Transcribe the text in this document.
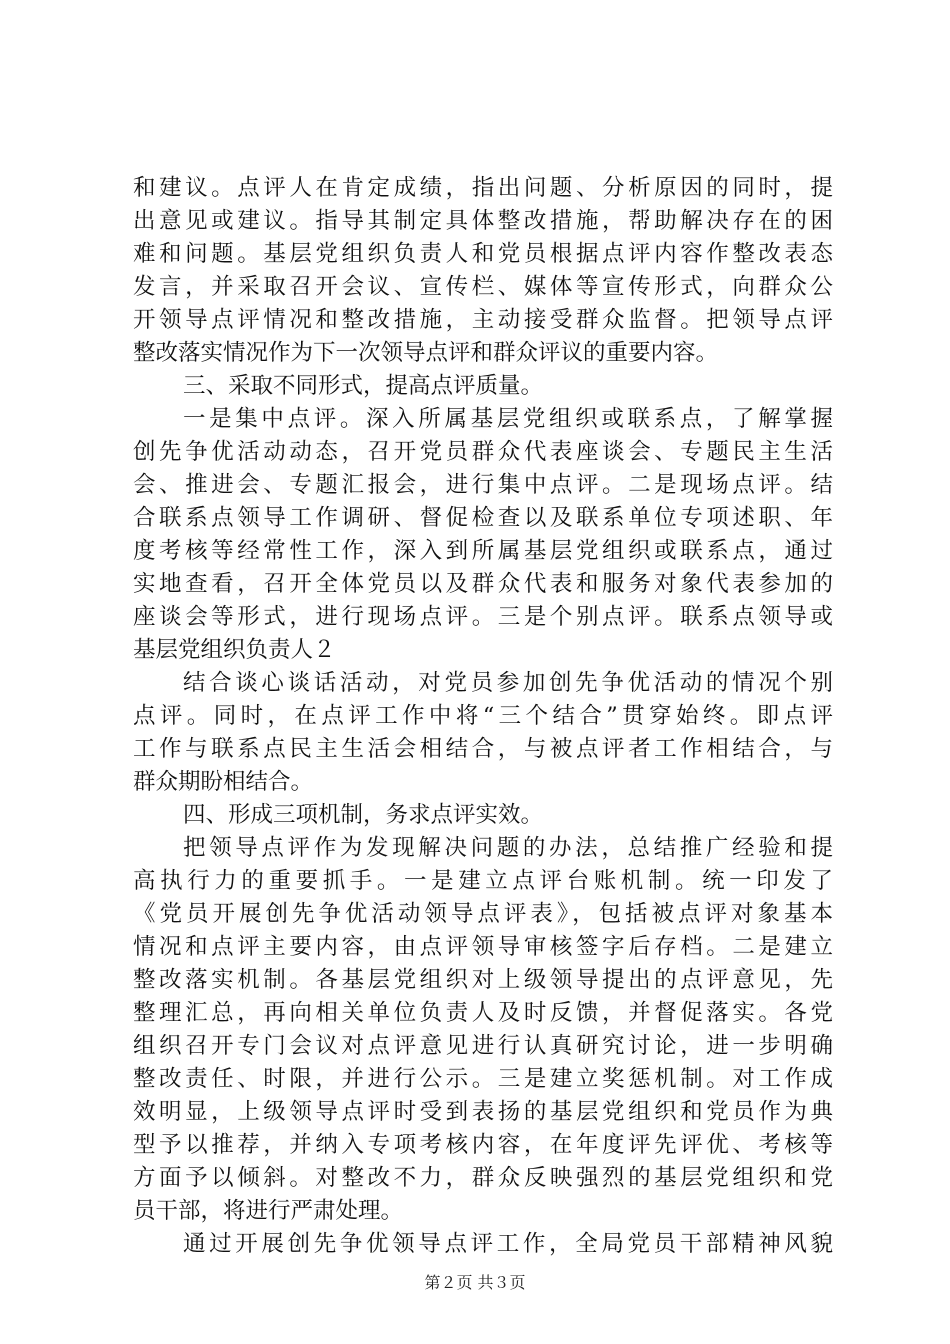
和建议。点评人在肯定成绩，指出问题、分析原因的同时，提
出意见或建议。指导其制定具体整改措施，帮助解决存在的困
难和问题。基层党组织负责人和党员根据点评内容作整改表态
发言，并采取召开会议、宣传栏、媒体等宣传形式，向群众公
开领导点评情况和整改措施，主动接受群众监督。把领导点评
整改落实情况作为下一次领导点评和群众评议的重要内容。
三、采取不同形式，提高点评质量。
一是集中点评。深入所属基层党组织或联系点，了解掌握
创先争优活动动态，召开党员群众代表座谈会、专题民主生活
会、推进会、专题汇报会，进行集中点评。二是现场点评。结
合联系点领导工作调研、督促检查以及联系单位专项述职、年
度考核等经常性工作，深入到所属基层党组织或联系点，通过
实地查看，召开全体党员以及群众代表和服务对象代表参加的
座谈会等形式，进行现场点评。三是个别点评。联系点领导或
基层党组织负责人２
结合谈心谈话活动，对党员参加创先争优活动的情况个别
点评。同时，在点评工作中将“三个结合”贯穿始终。即点评
工作与联系点民主生活会相结合，与被点评者工作相结合，与
群众期盼相结合。
四、形成三项机制，务求点评实效。
把领导点评作为发现解决问题的办法，总结推广经验和提
高执行力的重要抓手。一是建立点评台账机制。统一印发了
《党员开展创先争优活动领导点评表》，包括被点评对象基本
情况和点评主要内容，由点评领导审核签字后存档。二是建立
整改落实机制。各基层党组织对上级领导提出的点评意见，先
整理汇总，再向相关单位负责人及时反馈，并督促落实。各党
组织召开专门会议对点评意见进行认真研究讨论，进一步明确
整改责任、时限，并进行公示。三是建立奖惩机制。对工作成
效明显，上级领导点评时受到表扬的基层党组织和党员作为典
型予以推荐，并纳入专项考核内容，在年度评先评优、考核等
方面予以倾斜。对整改不力，群众反映强烈的基层党组织和党
员干部，将进行严肃处理。
通过开展创先争优领导点评工作，全局党员干部精神风貌
第２页 共３页
